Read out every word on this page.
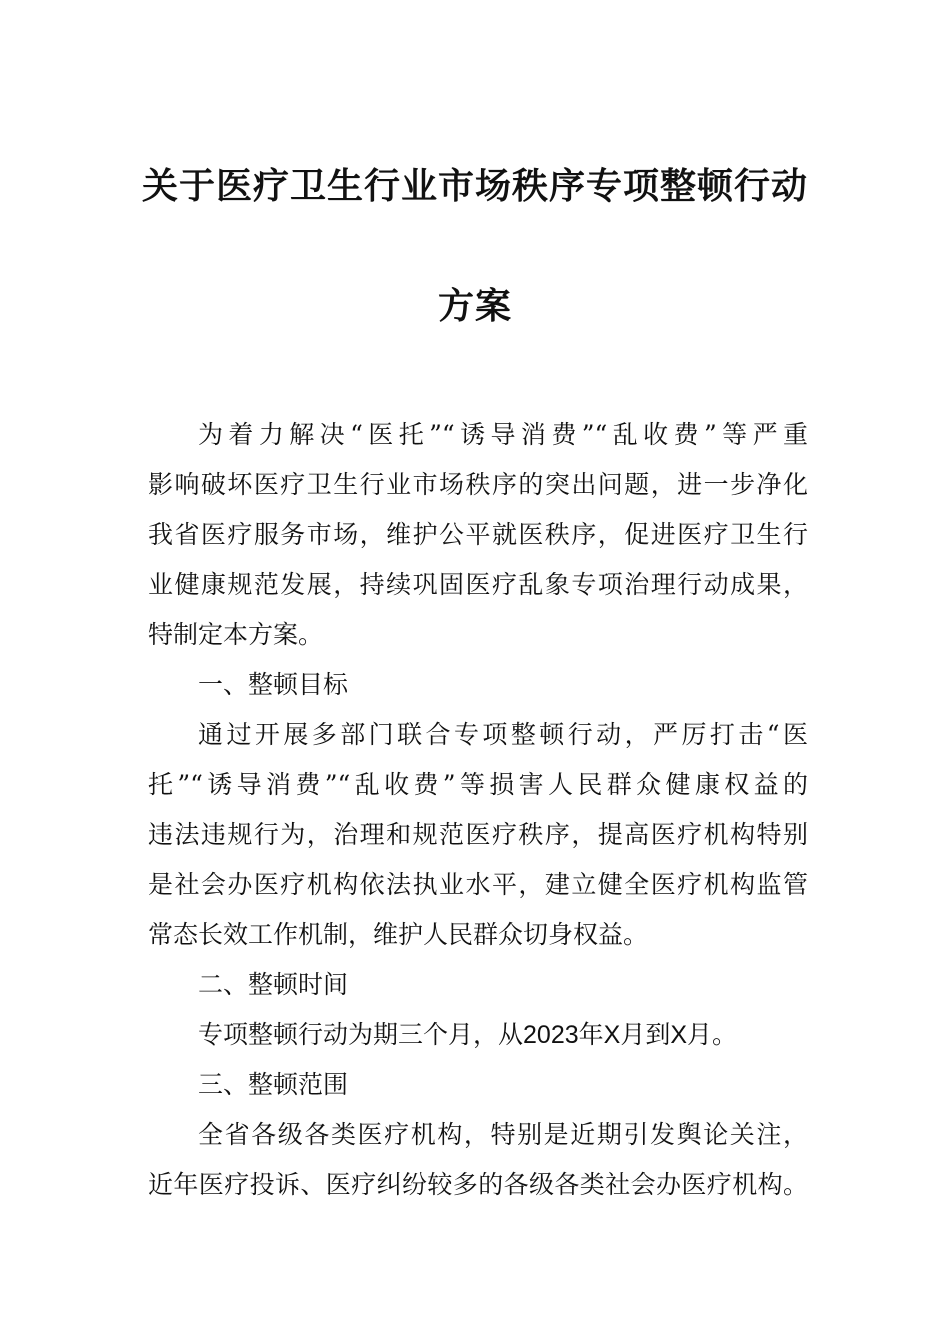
关于医疗卫生行业市场秩序专项整顿行动
方案
为着力解决“医托”“诱导消费”“乱收费”等严重
影响破坏医疗卫生行业市场秩序的突出问题，进一步净化
我省医疗服务市场，维护公平就医秩序，促进医疗卫生行
业健康规范发展，持续巩固医疗乱象专项治理行动成果，
特制定本方案。
一、整顿目标
通过开展多部门联合专项整顿行动，严厉打击“医
托”“诱导消费”“乱收费”等损害人民群众健康权益的
违法违规行为，治理和规范医疗秩序，提高医疗机构特别
是社会办医疗机构依法执业水平，建立健全医疗机构监管
常态长效工作机制，维护人民群众切身权益。
二、整顿时间
专项整顿行动为期三个月，从2023年X月到X月。
三、整顿范围
全省各级各类医疗机构，特别是近期引发舆论关注，
近年医疗投诉、医疗纠纷较多的各级各类社会办医疗机构。
